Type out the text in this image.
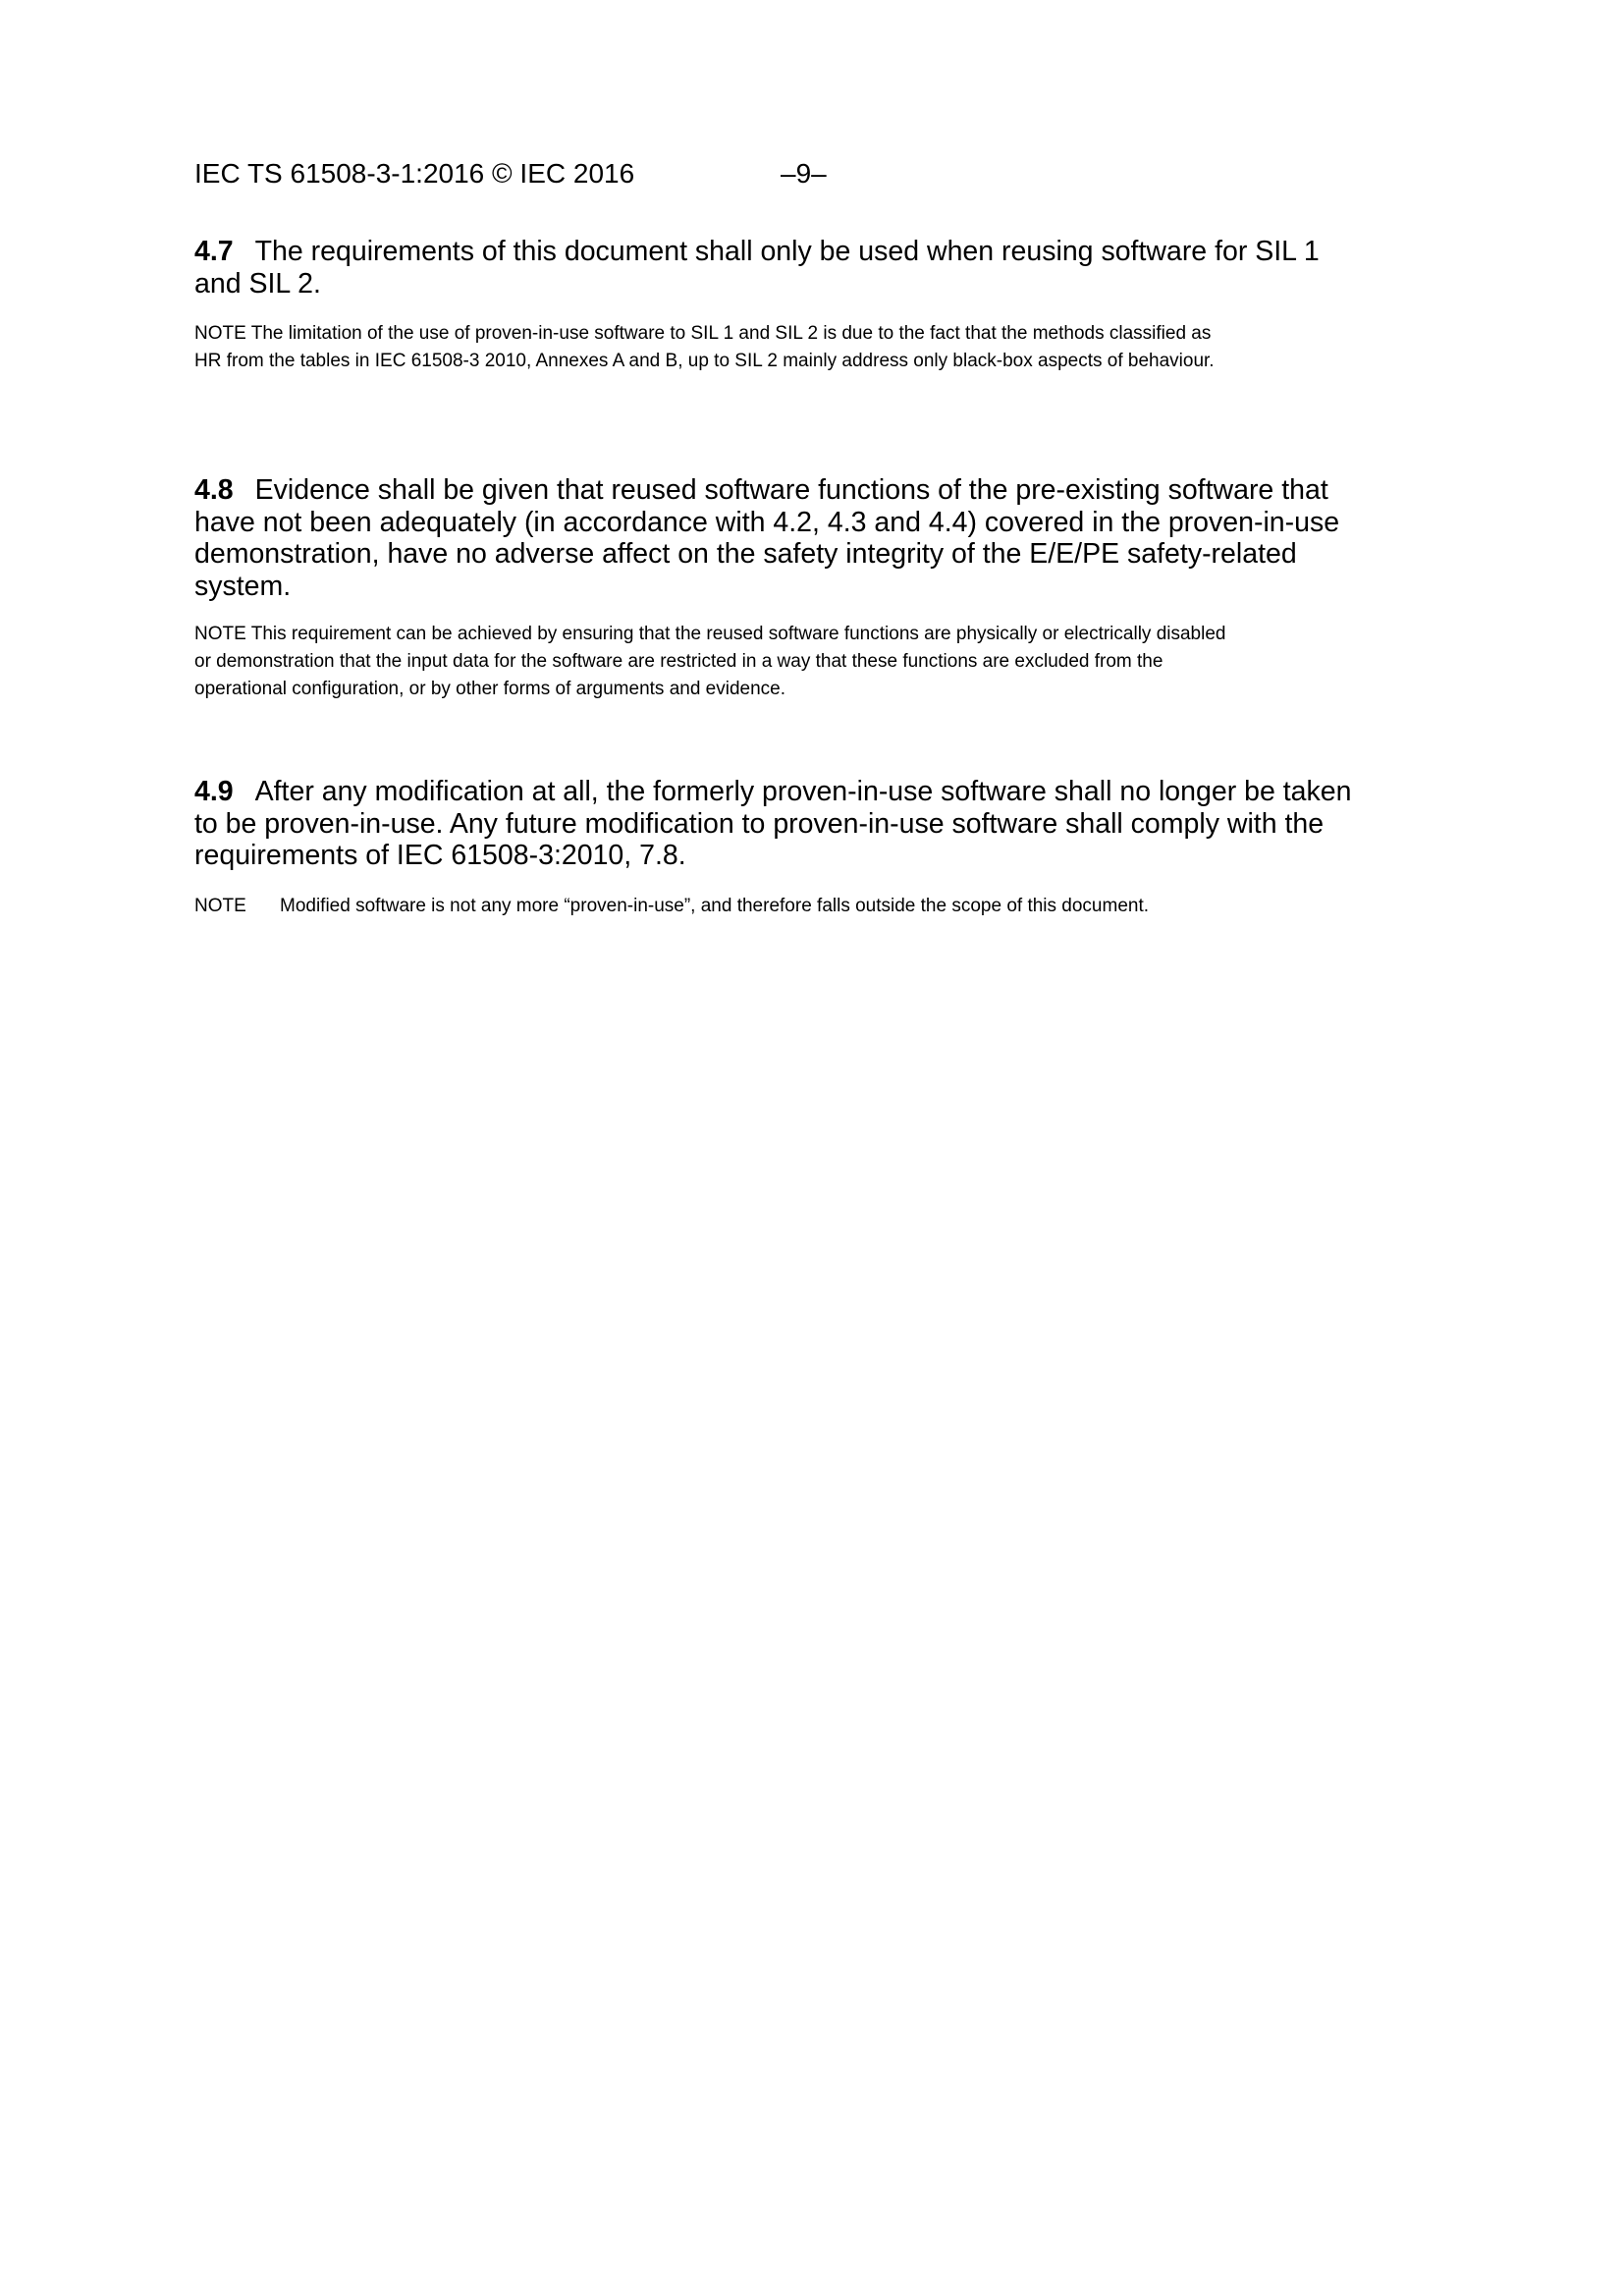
IEC TS 61508-3-1:2016 © IEC 2016	–9–
4.7 The requirements of this document shall only be used when reusing software for SIL 1 and SIL 2.
NOTE The limitation of the use of proven-in-use software to SIL 1 and SIL 2 is due to the fact that the methods classified as HR from the tables in IEC 61508-3 2010, Annexes A and B, up to SIL 2 mainly address only black-box aspects of behaviour.
4.8 Evidence shall be given that reused software functions of the pre-existing software that have not been adequately (in accordance with 4.2, 4.3 and 4.4) covered in the proven-in-use demonstration, have no adverse affect on the safety integrity of the E/E/PE safety-related system.
NOTE This requirement can be achieved by ensuring that the reused software functions are physically or electrically disabled or demonstration that the input data for the software are restricted in a way that these functions are excluded from the operational configuration, or by other forms of arguments and evidence.
4.9 After any modification at all, the formerly proven-in-use software shall no longer be taken to be proven-in-use. Any future modification to proven-in-use software shall comply with the requirements of IEC 61508-3:2010, 7.8.
NOTE Modified software is not any more “proven-in-use”, and therefore falls outside the scope of this document.
